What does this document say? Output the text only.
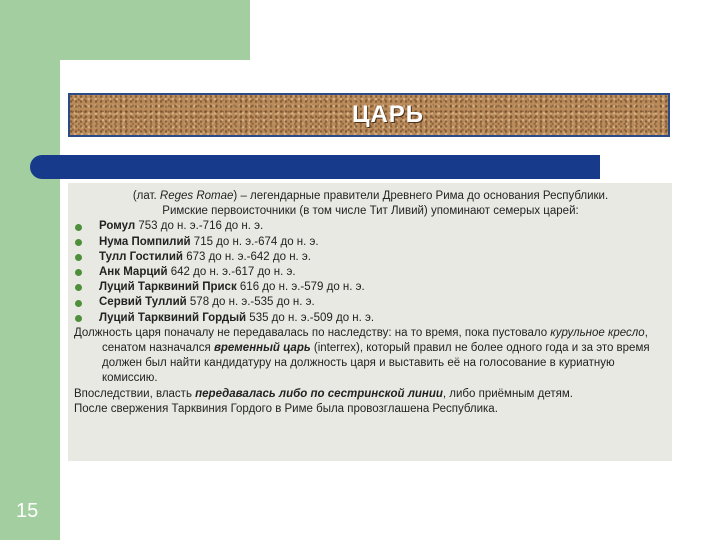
ЦАРЬ
(лат. Reges Romae) – легендарные правители Древнего Рима до основания Республики.
Римские первоисточники (в том числе Тит Ливий) упоминают семерых царей:
Ромул 753 до н. э.-716 до н. э.
Нума Помпилий 715 до н. э.-674 до н. э.
Тулл Гостилий 673 до н. э.-642 до н. э.
Анк Марций 642 до н. э.-617 до н. э.
Луций Тарквиний Приск 616 до н. э.-579 до н. э.
Сервий Туллий 578 до н. э.-535 до н. э.
Луций Тарквиний Гордый 535 до н. э.-509 до н. э.
Должность царя поначалу не передавалась по наследству: на то время, пока пустовало курульное кресло, сенатом назначался временный царь (interrex), который правил не более одного года и за это время должен был найти кандидатуру на должность царя и выставить её на голосование в куриатную комиссию.
Впоследствии, власть передавалась либо по сестринской линии, либо приёмным детям.
После свержения Тарквиния Гордого в Риме была провозглашена Республика.
15
